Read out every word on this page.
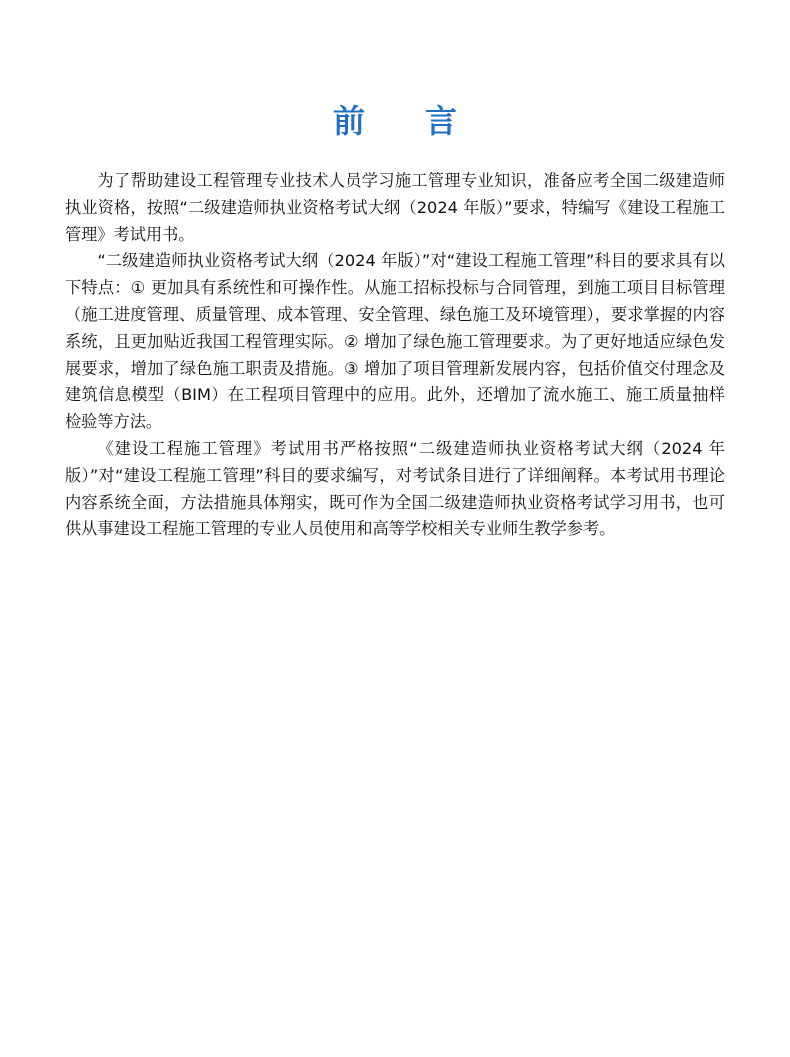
前言

为了帮助建设工程管理专业技术人员学习施工管理专业知识，准备应考全国二级建造师执业资格，按照“二级建造师执业资格考试大纲（2024 年版）”要求，特编写《建设工程施工管理》考试用书。

“二级建造师执业资格考试大纲（2024 年版）”对“建设工程施工管理”科目的要求具有以下特点：① 更加具有系统性和可操作性。从施工招标投标与合同管理，到施工项目目标管理（施工进度管理、质量管理、成本管理、安全管理、绿色施工及环境管理），要求掌握的内容系统，且更加贴近我国工程管理实际。② 增加了绿色施工管理要求。为了更好地适应绿色发展要求，增加了绿色施工职责及措施。③ 增加了项目管理新发展内容，包括价值交付理念及建筑信息模型（BIM）在工程项目管理中的应用。此外，还增加了流水施工、施工质量抽样检验等方法。

《建设工程施工管理》考试用书严格按照“二级建造师执业资格考试大纲（2024 年版）”对“建设工程施工管理”科目的要求编写，对考试条目进行了详细阐释。本考试用书理论内容系统全面，方法措施具体翔实，既可作为全国二级建造师执业资格考试学习用书，也可供从事建设工程施工管理的专业人员使用和高等学校相关专业师生教学参考。
